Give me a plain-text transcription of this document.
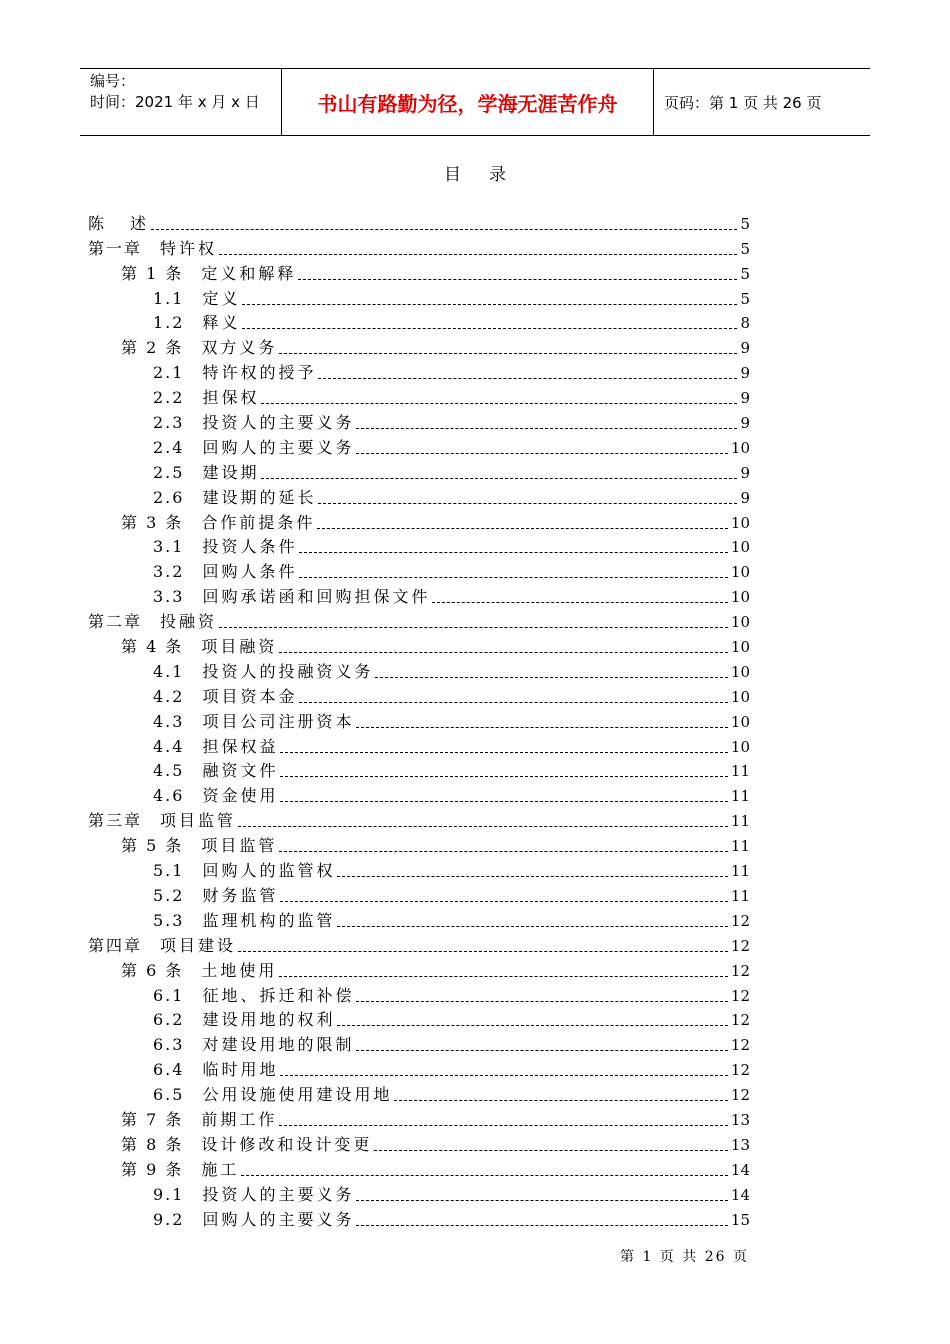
编号：
时间：2021 年 x 月 x 日	书山有路勤为径，学海无涯苦作舟	页码：第 1 页 共 26 页
目录
陈 述	5
第一章 特许权	5
第 1 条 定义和解释	5
1.1 定义	5
1.2 释义	8
第 2 条 双方义务	9
2.1 特许权的授予	9
2.2 担保权	9
2.3 投资人的主要义务	9
2.4 回购人的主要义务	10
2.5 建设期	9
2.6 建设期的延长	9
第 3 条 合作前提条件	10
3.1 投资人条件	10
3.2 回购人条件	10
3.3 回购承诺函和回购担保文件	10
第二章 投融资	10
第 4 条 项目融资	10
4.1 投资人的投融资义务	10
4.2 项目资本金	10
4.3 项目公司注册资本	10
4.4 担保权益	10
4.5 融资文件	11
4.6 资金使用	11
第三章 项目监管	11
第 5 条 项目监管	11
5.1 回购人的监管权	11
5.2 财务监管	11
5.3 监理机构的监管	12
第四章 项目建设	12
第 6 条 土地使用	12
6.1 征地、拆迁和补偿	12
6.2 建设用地的权利	12
6.3 对建设用地的限制	12
6.4 临时用地	12
6.5 公用设施使用建设用地	12
第 7 条 前期工作	13
第 8 条 设计修改和设计变更	13
第 9 条 施工	14
9.1 投资人的主要义务	14
9.2 回购人的主要义务	15
第 1 页 共 26 页
